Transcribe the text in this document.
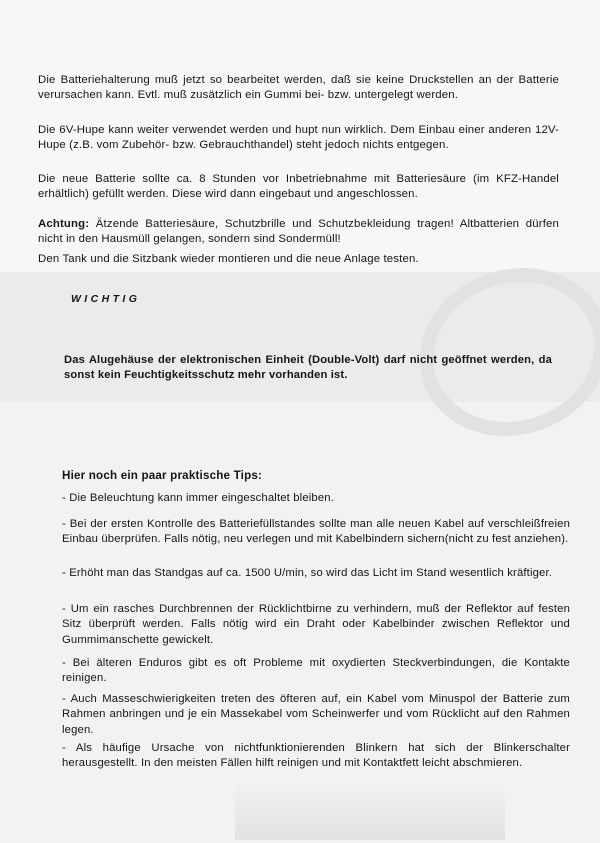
Die Batteriehalterung muß jetzt so bearbeitet werden, daß sie keine Druckstellen an der Batterie verursachen kann. Evtl. muß zusätzlich ein Gummi bei- bzw. untergelegt werden.

Die 6V-Hupe kann weiter verwendet werden und hupt nun wirklich. Dem Einbau einer anderen 12V-Hupe (z.B. vom Zubehör- bzw. Gebrauchthandel) steht jedoch nichts entgegen.

Die neue Batterie sollte ca. 8 Stunden vor Inbetriebnahme mit Batteriesäure (im KFZ-Handel erhältlich) gefüllt werden. Diese wird dann eingebaut und angeschlossen.

Achtung: Ätzende Batteriesäure, Schutzbrille und Schutzbekleidung tragen! Altbatterien dürfen nicht in den Hausmüll gelangen, sondern sind Sondermüll!

Den Tank und die Sitzbank wieder montieren und die neue Anlage testen.

WICHTIG

Das Alugehäuse der elektronischen Einheit (Double-Volt) darf nicht geöffnet werden, da sonst kein Feuchtigkeitsschutz mehr vorhanden ist.

Hier noch ein paar praktische Tips:

- Die Beleuchtung kann immer eingeschaltet bleiben.

- Bei der ersten Kontrolle des Batteriefüllstandes sollte man alle neuen Kabel auf verschleißfreien Einbau überprüfen. Falls nötig, neu verlegen und mit Kabelbindern sichern(nicht zu fest anziehen).

- Erhöht man das Standgas auf ca. 1500 U/min, so wird das Licht im Stand wesentlich kräftiger.

- Um ein rasches Durchbrennen der Rücklichtbirne zu verhindern, muß der Reflektor auf festen Sitz überprüft werden. Falls nötig wird ein Draht oder Kabelbinder zwischen Reflektor und Gummimanschette gewickelt.

- Bei älteren Enduros gibt es oft Probleme mit oxydierten Steckverbindungen, die Kontakte reinigen.

- Auch Masseschwierigkeiten treten des öfteren auf, ein Kabel vom Minuspol der Batterie zum Rahmen anbringen und je ein Massekabel vom Scheinwerfer und vom Rücklicht auf den Rahmen legen.

- Als häufige Ursache von nichtfunktionierenden Blinkern hat sich der Blinkerschalter herausgestellt. In den meisten Fällen hilft reinigen und mit Kontaktfett leicht abschmieren.
